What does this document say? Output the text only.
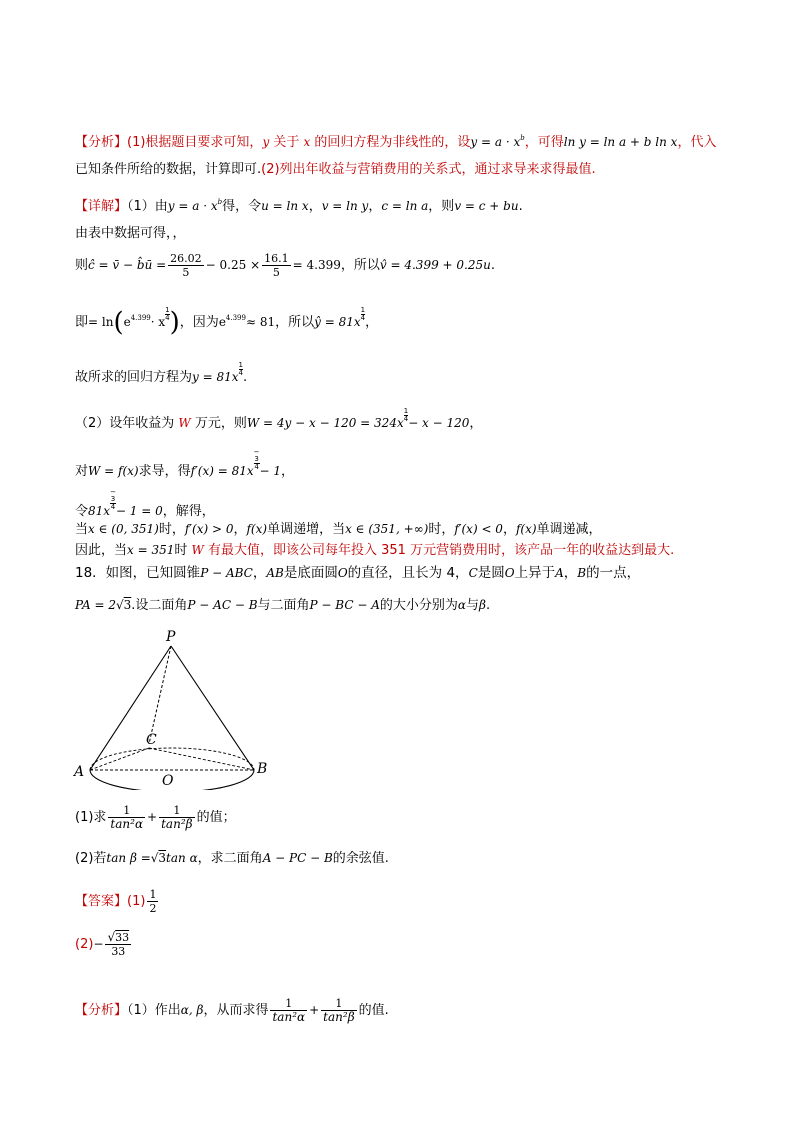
【分析】(1)根据题目要求可知，y 关于 x 的回归方程为非线性的，设$y = a \cdot x^b$，可得ln y = ln a + b ln x，代入
已知条件所给的数据，计算即可.(2)列出年收益与营销费用的关系式，通过求导来求得最值.
【详解】（1）由$y = a \cdot x^b$得，令u = ln x，v = ln y，c = ln a，则v = c + bu.
由表中数据可得，，
则ĉ = v̄ − b̂ū = $\frac{26.02}{5} - 0.25 \times \frac{16.1}{5} = 4.399$，所以v̂ = 4.399 + 0.25u.
即= $\ln(e^{4.399}\cdot x \frac{1}{4}$ )，因为$e^{4.399}\approx 81$，所以ŷ = $81x \frac{1}{4}$
，
故所求的回归方程为$y = 81x \frac{1}{4}$
.
（2）设年收益为 W 万元，则$W = 4y - x - 120 = 324x \frac{1}{4} - x - 120$，
对W = f(x)求导，得f′(x) = 81x −
3
4 − 1，
令81x −
3
4 − 1 = 0，解得，
当x ∈ (0, 351)时，f′(x) > 0，f(x)单调递增，当x ∈ (351, +∞)时，f′(x) < 0，f(x)单调递减，
因此，当x = 351时 W 有最大值，即该公司每年投入 351 万元营销费用时，该产品一年的收益达到最大.
18．如图，已知圆锥P − ABC，AB是底面圆O的直径，且长为 4，C是圆O上异于A，B的一点，
PA = 2√3.设二面角P − AC − B与二面角P − BC − A的大小分别为α与β.
P
C
A	B
O
(1)求 $\frac{1}{\text{tan²α}} + \frac{1}{\text{tan²β}}$ 的值；
(2)若tan β =√3tan α，求二面角A − PC − B的余弦值.
【答案】$(1) \frac{1}{2}$
$(2)- \frac{√33}{33}$
【分析】（1）作出α, β，从而求得 $\frac{1}{\text{tan²α}} + \frac{1}{\text{tan²β}}$ 的值.
